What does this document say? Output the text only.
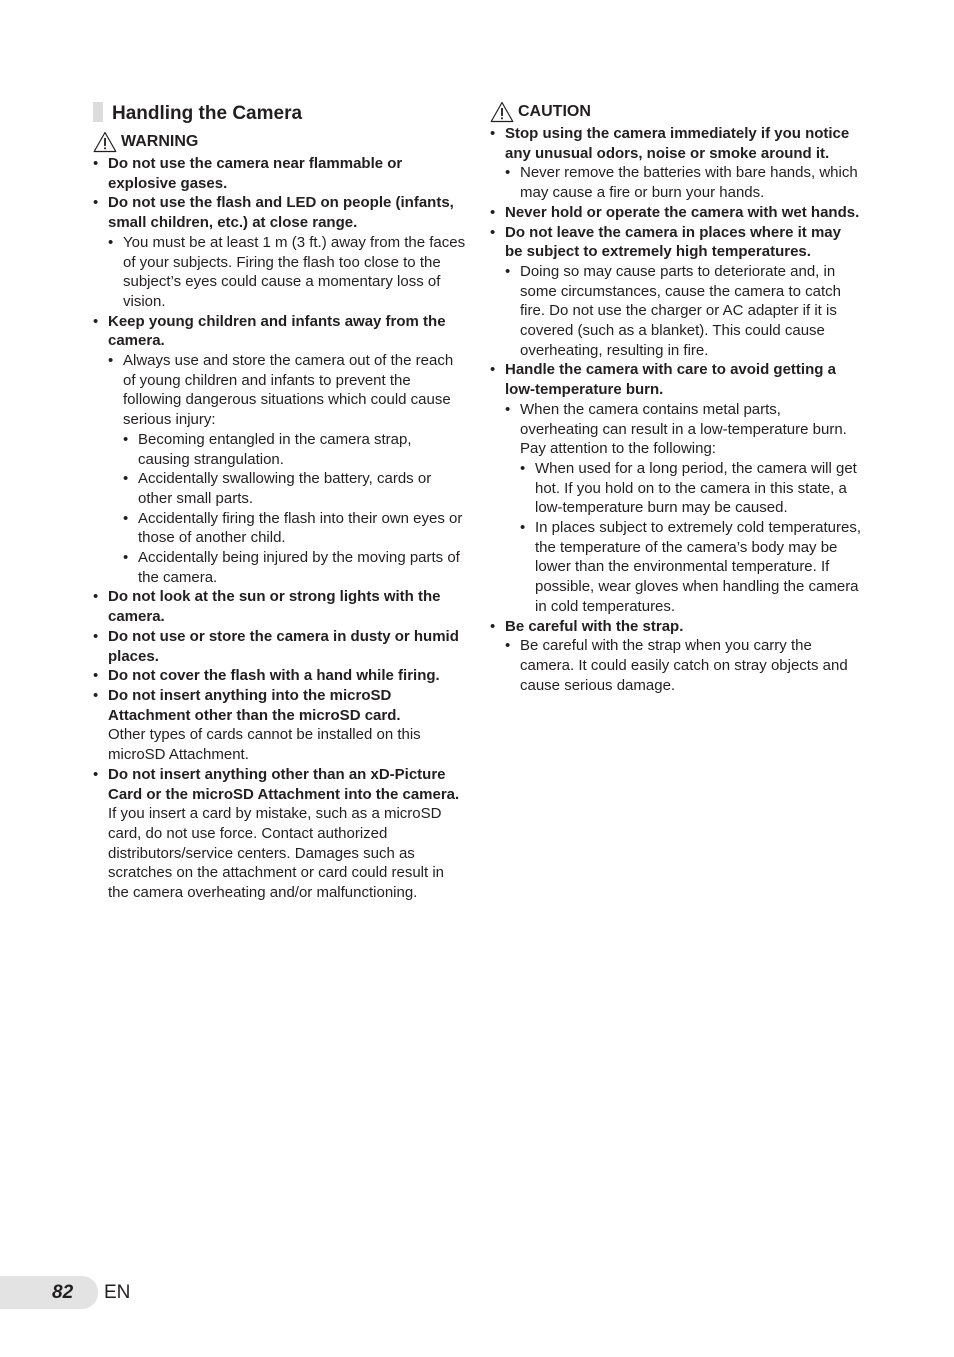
Handling the Camera
WARNING
• Do not use the camera near flammable or explosive gases.
• Do not use the flash and LED on people (infants, small children, etc.) at close range.
• You must be at least 1 m (3 ft.) away from the faces of your subjects. Firing the flash too close to the subject’s eyes could cause a momentary loss of vision.
• Keep young children and infants away from the camera.
• Always use and store the camera out of the reach of young children and infants to prevent the following dangerous situations which could cause serious injury:
• Becoming entangled in the camera strap, causing strangulation.
• Accidentally swallowing the battery, cards or other small parts.
• Accidentally firing the flash into their own eyes or those of another child.
• Accidentally being injured by the moving parts of the camera.
• Do not look at the sun or strong lights with the camera.
• Do not use or store the camera in dusty or humid places.
• Do not cover the flash with a hand while firing.
• Do not insert anything into the microSD Attachment other than the microSD card.
Other types of cards cannot be installed on this microSD Attachment.
• Do not insert anything other than an xD-Picture Card or the microSD Attachment into the camera.
If you insert a card by mistake, such as a microSD card, do not use force. Contact authorized distributors/service centers. Damages such as scratches on the attachment or card could result in the camera overheating and/or malfunctioning.
CAUTION
• Stop using the camera immediately if you notice any unusual odors, noise or smoke around it.
• Never remove the batteries with bare hands, which may cause a fire or burn your hands.
• Never hold or operate the camera with wet hands.
• Do not leave the camera in places where it may be subject to extremely high temperatures.
• Doing so may cause parts to deteriorate and, in some circumstances, cause the camera to catch fire. Do not use the charger or AC adapter if it is covered (such as a blanket). This could cause overheating, resulting in fire.
• Handle the camera with care to avoid getting a low-temperature burn.
• When the camera contains metal parts, overheating can result in a low-temperature burn. Pay attention to the following:
• When used for a long period, the camera will get hot. If you hold on to the camera in this state, a low-temperature burn may be caused.
• In places subject to extremely cold temperatures, the temperature of the camera’s body may be lower than the environmental temperature. If possible, wear gloves when handling the camera in cold temperatures.
• Be careful with the strap.
• Be careful with the strap when you carry the camera. It could easily catch on stray objects and cause serious damage.
82	EN
